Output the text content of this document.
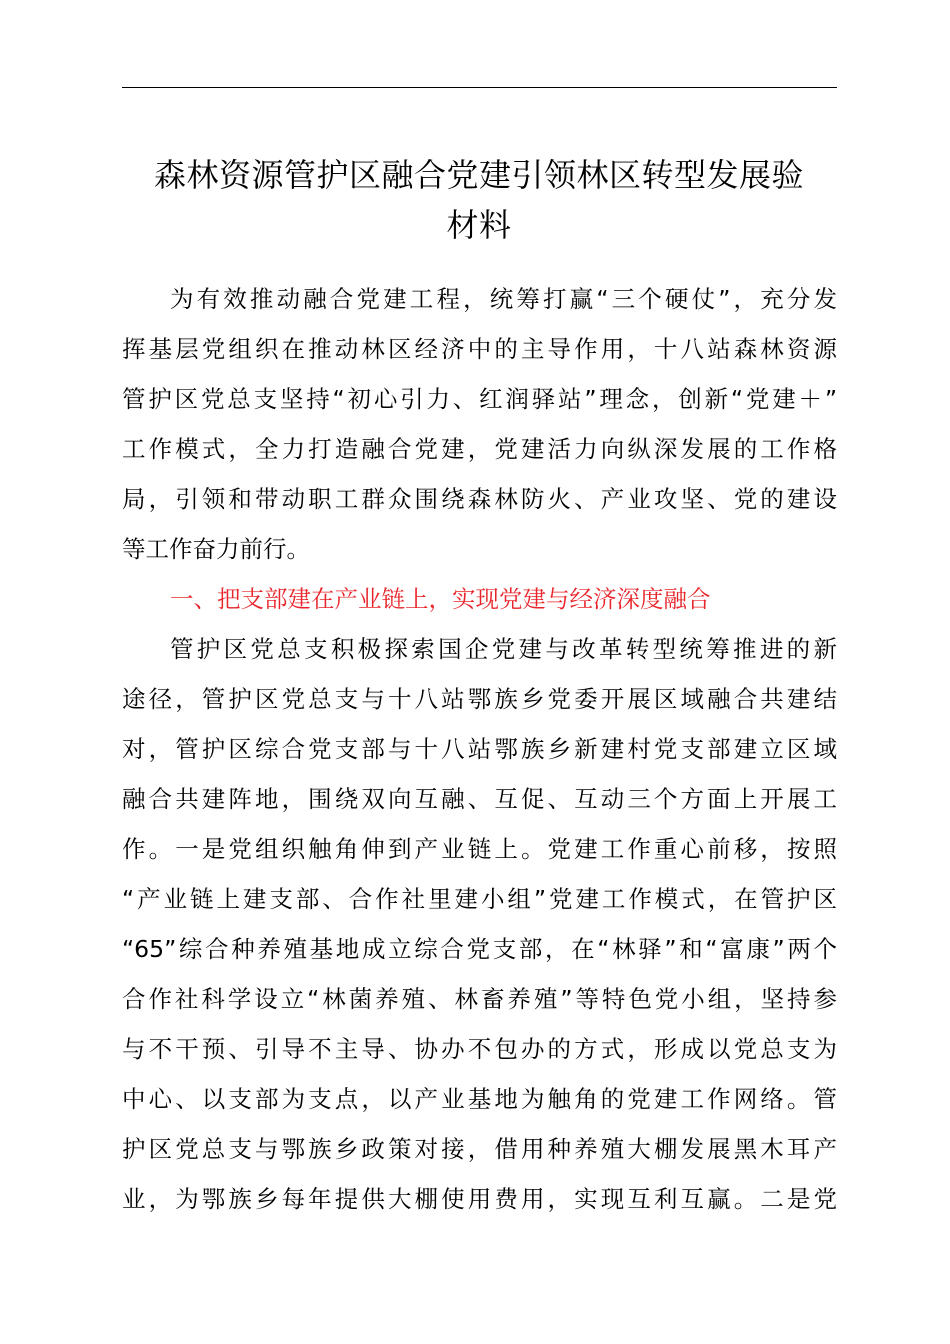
森林资源管护区融合党建引领林区转型发展验
材料
为有效推动融合党建工程，统筹打赢“三个硬仗”，充分发
挥基层党组织在推动林区经济中的主导作用，十八站森林资源
管护区党总支坚持“初心引力、红润驿站”理念，创新“党建＋”
工作模式，全力打造融合党建，党建活力向纵深发展的工作格
局，引领和带动职工群众围绕森林防火、产业攻坚、党的建设
等工作奋力前行。
一、把支部建在产业链上，实现党建与经济深度融合
管护区党总支积极探索国企党建与改革转型统筹推进的新
途径，管护区党总支与十八站鄂族乡党委开展区域融合共建结
对，管护区综合党支部与十八站鄂族乡新建村党支部建立区域
融合共建阵地，围绕双向互融、互促、互动三个方面上开展工
作。一是党组织触角伸到产业链上。党建工作重心前移，按照
“产业链上建支部、合作社里建小组”党建工作模式，在管护区
“65”综合种养殖基地成立综合党支部，在“林驿”和“富康”两个
合作社科学设立“林菌养殖、林畜养殖”等特色党小组，坚持参
与不干预、引导不主导、协办不包办的方式，形成以党总支为
中心、以支部为支点，以产业基地为触角的党建工作网络。管
护区党总支与鄂族乡政策对接，借用种养殖大棚发展黑木耳产
业，为鄂族乡每年提供大棚使用费用，实现互利互赢。二是党
